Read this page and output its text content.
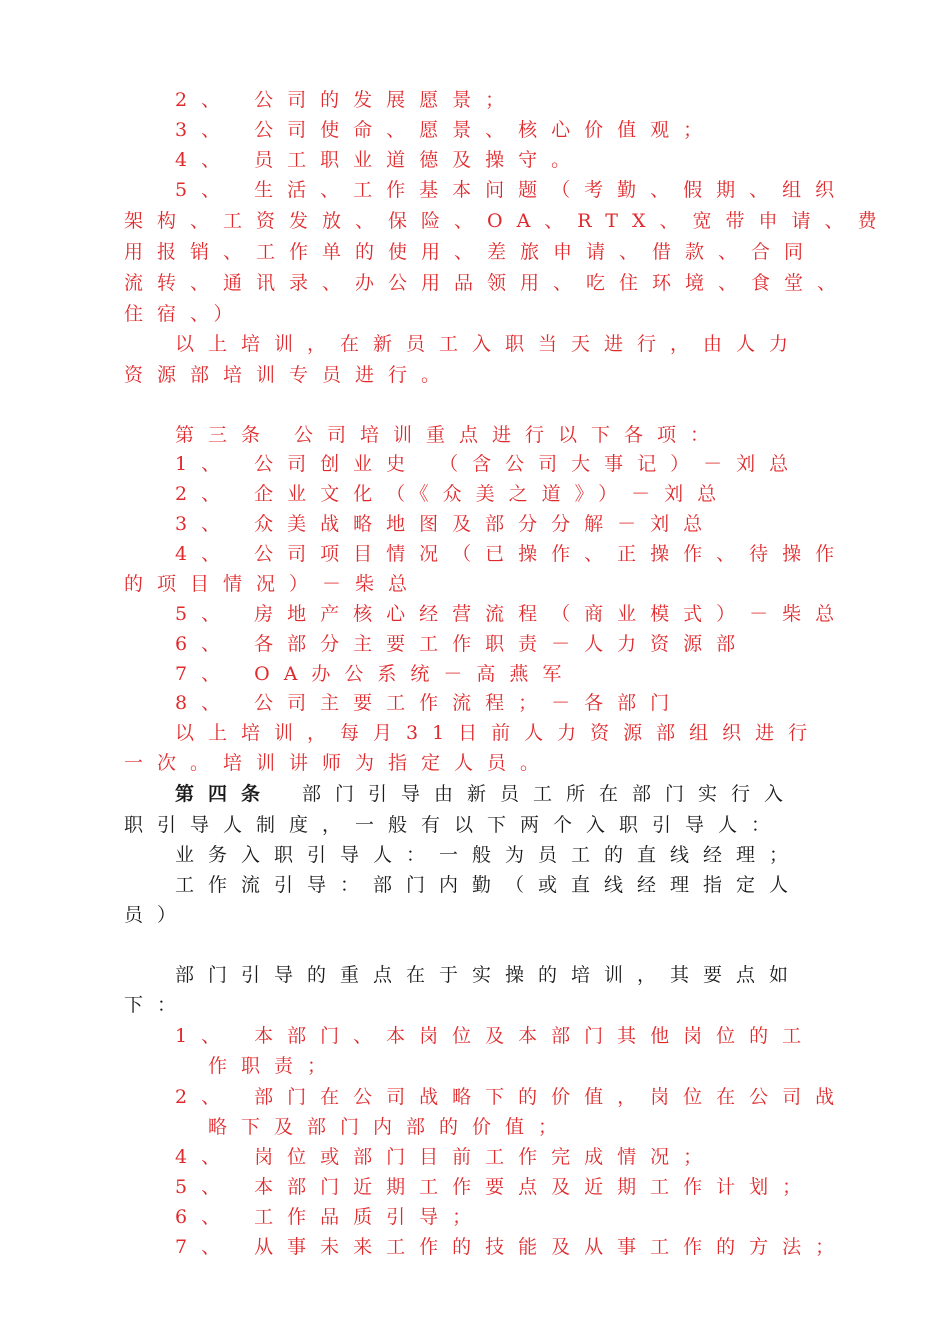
2、 公司的发展愿景；
3、 公司使命、愿景、核心价值观；
4、 员工职业道德及操守。
5、 生活、工作基本问题（考勤、假期、组织
架构、工资发放、保险、OA、RTX、宽带申请、费
用报销、工作单的使用、差旅申请、借款、合同
流转、通讯录、办公用品领用、吃住环境、食堂、
住宿、）
以上培训，在新员工入职当天进行，由人力
资源部培训专员进行。
第三条 公司培训重点进行以下各项：
1、 公司创业史 （含公司大事记）－刘总
2、 企业文化（《众美之道》）－刘总
3、 众美战略地图及部分分解－刘总
4、 公司项目情况（已操作、正操作、待操作
的项目情况）－柴总
5、 房地产核心经营流程（商业模式）－柴总
6、 各部分主要工作职责－人力资源部
7、 OA办公系统－高燕军
8、 公司主要工作流程；－各部门
以上培训，每月31日前人力资源部组织进行
一次。培训讲师为指定人员。
第四条 部门引导由新员工所在部门实行入
职引导人制度，一般有以下两个入职引导人：
业务入职引导人：一般为员工的直线经理；
工作流引导：部门内勤（或直线经理指定人
员）
部门引导的重点在于实操的培训，其要点如
下：
1、 本部门、本岗位及本部门其他岗位的工
作职责；
2、 部门在公司战略下的价值，岗位在公司战
略下及部门内部的价值；
4、 岗位或部门目前工作完成情况；
5、 本部门近期工作要点及近期工作计划；
6、 工作品质引导；
7、 从事未来工作的技能及从事工作的方法；
